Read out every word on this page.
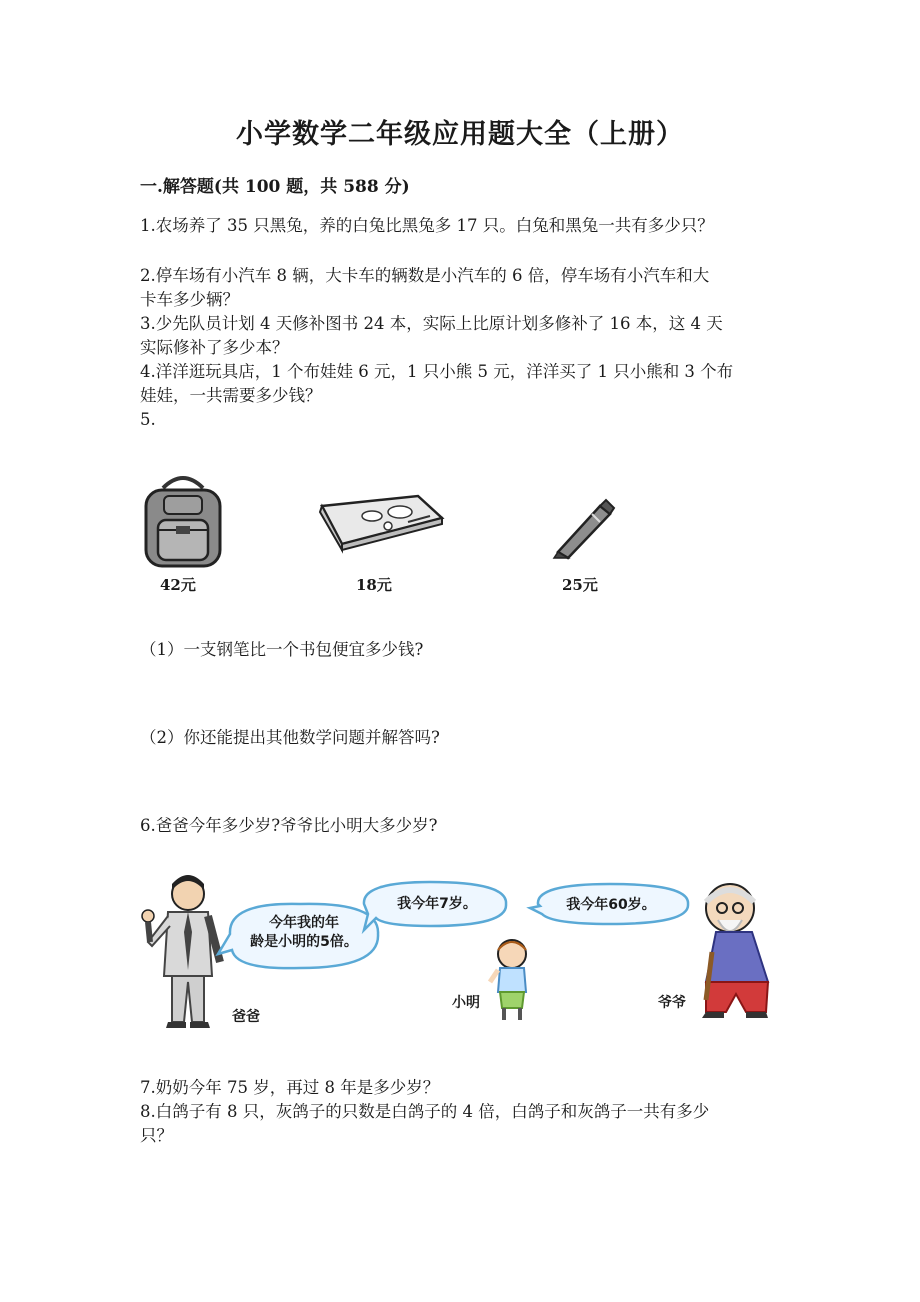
小学数学二年级应用题大全（上册）
一.解答题(共 100 题，共 588 分)
1.农场养了 35 只黑兔，养的白兔比黑兔多 17 只。白兔和黑兔一共有多少只？
2.停车场有小汽车 8 辆，大卡车的辆数是小汽车的 6 倍，停车场有小汽车和大
卡车多少辆？
3.少先队员计划 4 天修补图书 24 本，实际上比原计划多修补了 16 本，这 4 天
实际修补了多少本？
4.洋洋逛玩具店，1 个布娃娃 6 元，1 只小熊 5 元，洋洋买了 1 只小熊和 3 个布
娃娃，一共需要多少钱？
5.
42元	18元	25元
（1）一支钢笔比一个书包便宜多少钱?
（2）你还能提出其他数学问题并解答吗?
6.爸爸今年多少岁?爷爷比小明大多少岁?
今年我的年
龄是小明的5倍。
我今年7岁。	我今年60岁。
爸爸
小明	爷爷
7.奶奶今年 75 岁，再过 8 年是多少岁？
8.白鸽子有 8 只，灰鸽子的只数是白鸽子的 4 倍，白鸽子和灰鸽子一共有多少
只？
